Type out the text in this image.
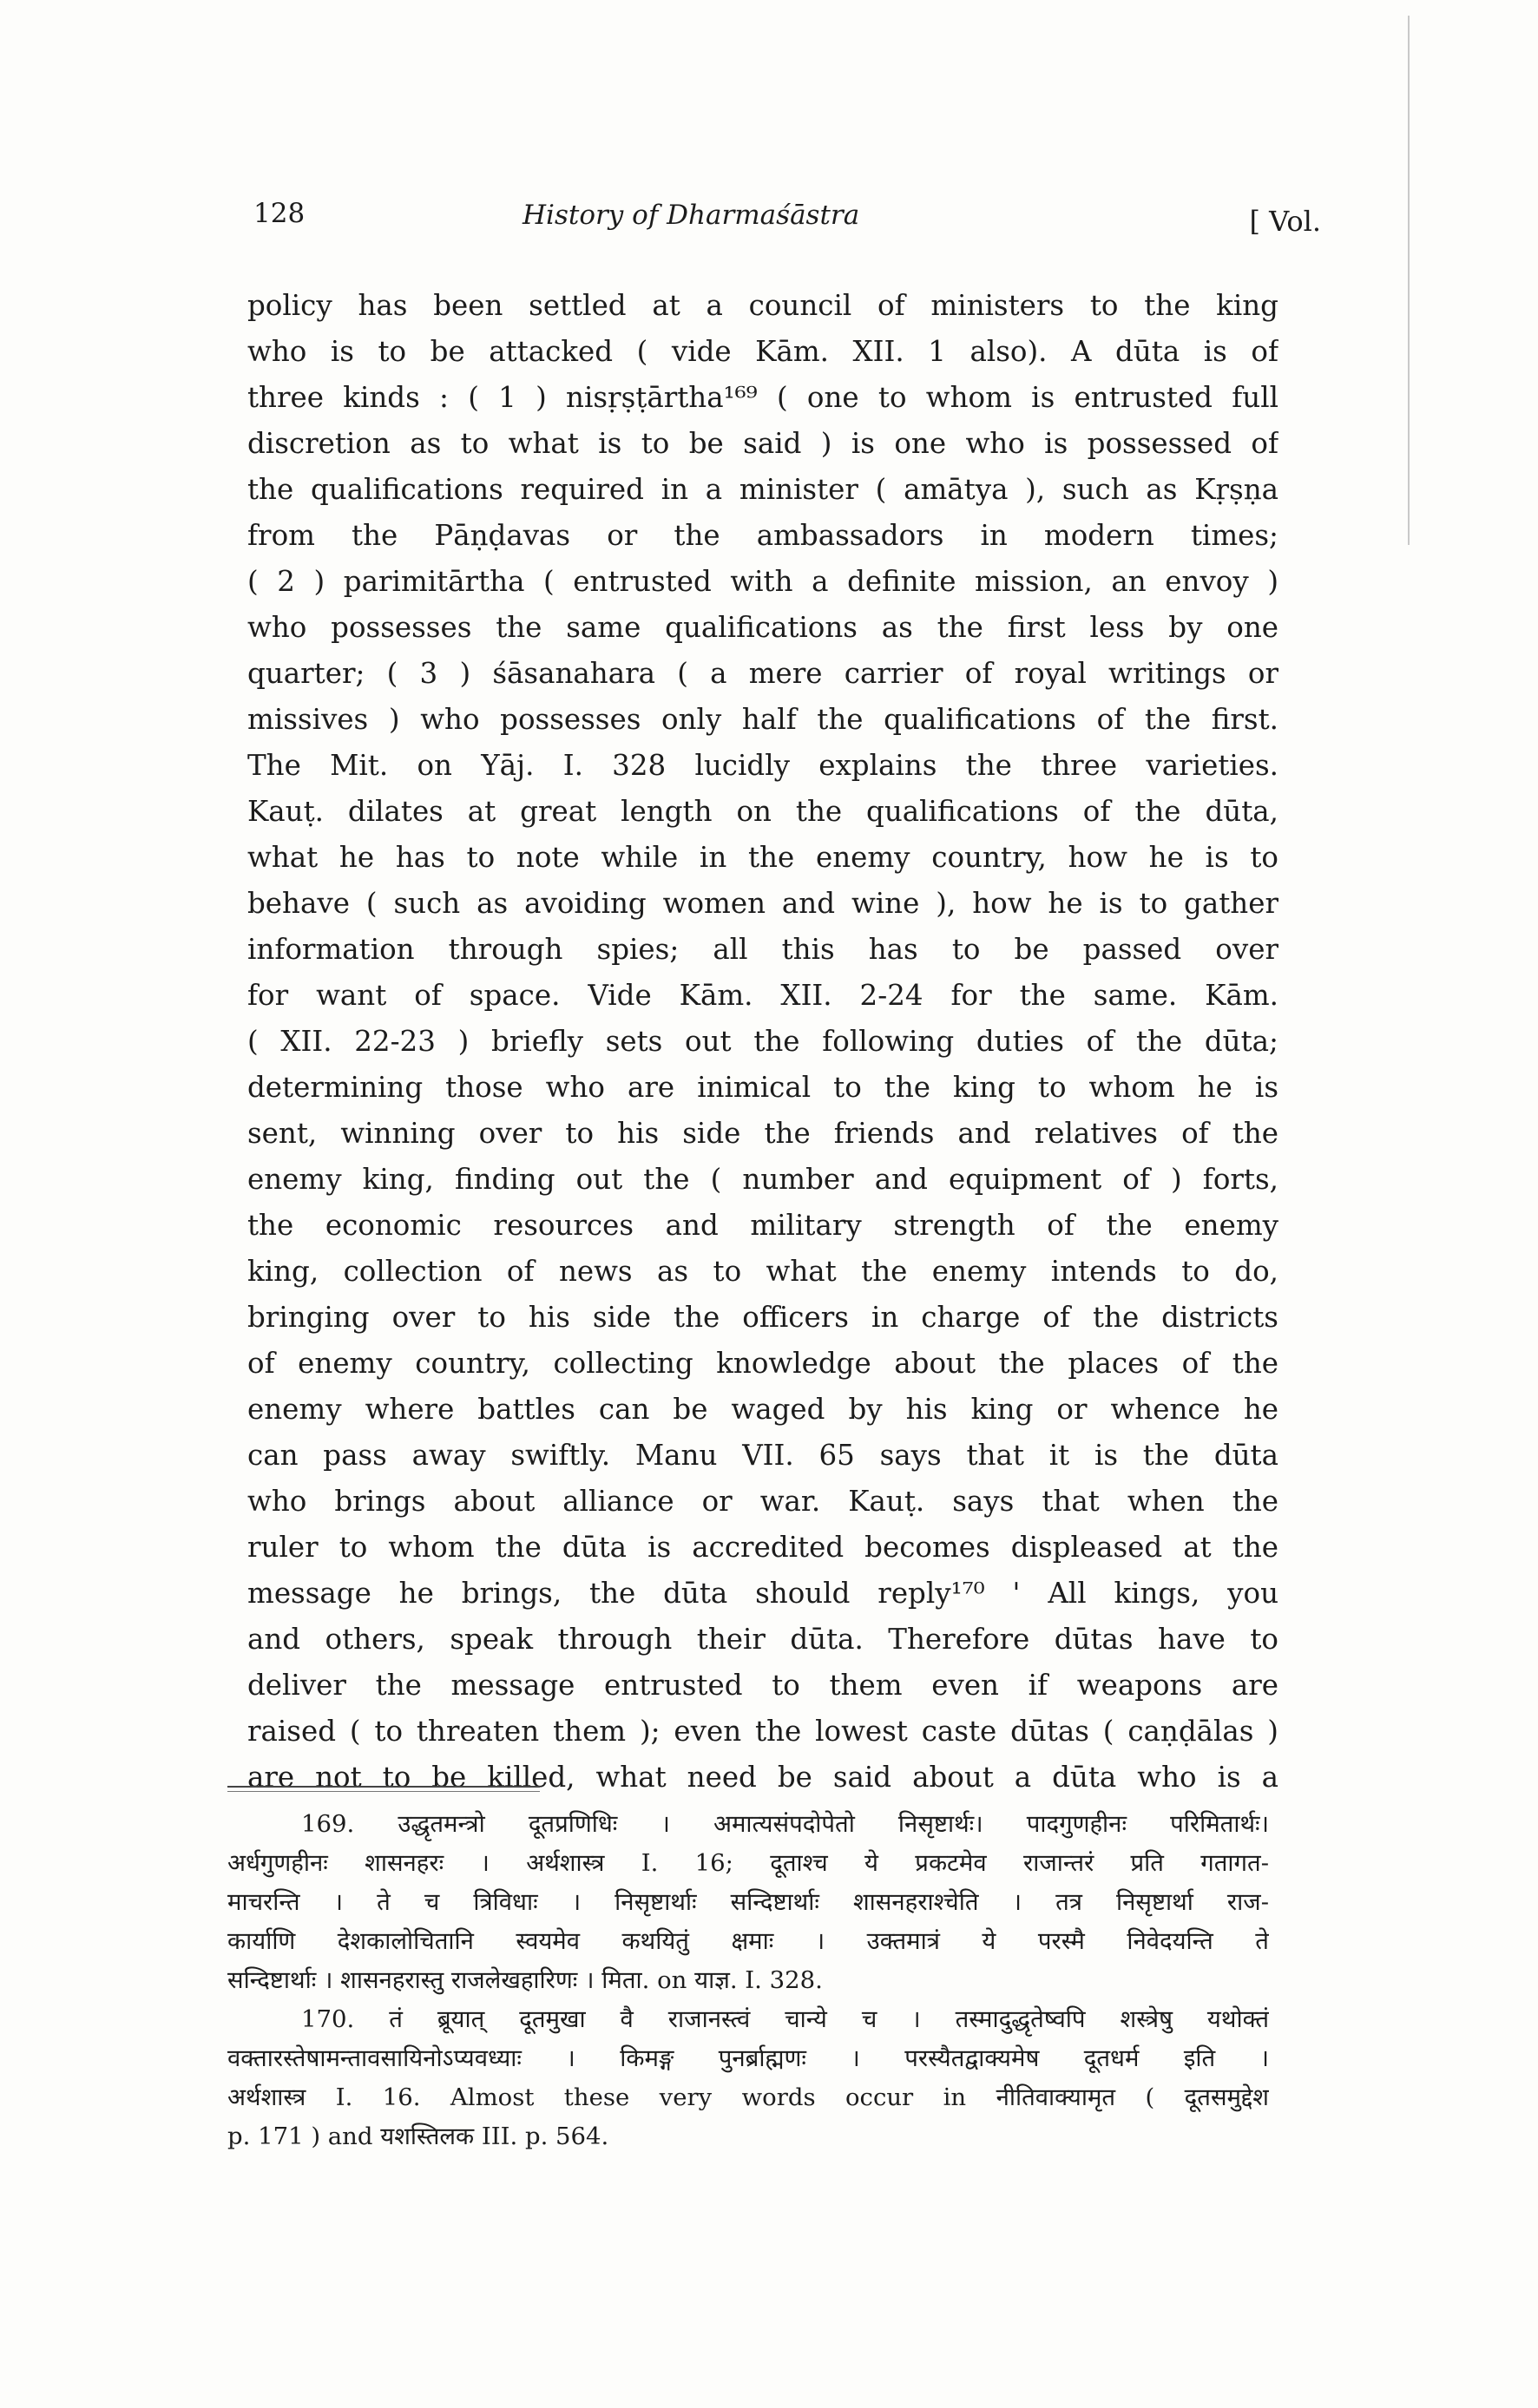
128	History of Dharmaśāstra	[ Vol.
policy has been settled at a council of ministers to the king
who is to be attacked ( vide Kām. XII. 1 also). A dūta is of
three kinds : ( 1 ) nisṛṣṭārtha¹⁶⁹ ( one to whom is entrusted full
discretion as to what is to be said ) is one who is possessed of
the qualifications required in a minister ( amātya ), such as Kṛṣṇa
from the Pāṇḍavas or the ambassadors in modern times;
( 2 ) parimitārtha ( entrusted with a definite mission, an envoy )
who possesses the same qualifications as the first less by one
quarter; ( 3 ) śāsanahara ( a mere carrier of royal writings or
missives ) who possesses only half the qualifications of the first.
The Mit. on Yāj. I. 328 lucidly explains the three varieties.
Kauṭ. dilates at great length on the qualifications of the dūta,
what he has to note while in the enemy country, how he is to
behave ( such as avoiding women and wine ), how he is to gather
information through spies; all this has to be passed over
for want of space. Vide Kām. XII. 2-24 for the same. Kām.
( XII. 22-23 ) briefly sets out the following duties of the dūta;
determining those who are inimical to the king to whom he is
sent, winning over to his side the friends and relatives of the
enemy king, finding out the ( number and equipment of ) forts,
the economic resources and military strength of the enemy
king, collection of news as to what the enemy intends to do,
bringing over to his side the officers in charge of the districts
of enemy country, collecting knowledge about the places of the
enemy where battles can be waged by his king or whence he
can pass away swiftly. Manu VII. 65 says that it is the dūta
who brings about alliance or war. Kauṭ. says that when the
ruler to whom the dūta is accredited becomes displeased at the
message he brings, the dūta should reply¹⁷⁰ ' All kings, you
and others, speak through their dūta. Therefore dūtas have to
deliver the message entrusted to them even if weapons are
raised ( to threaten them ); even the lowest caste dūtas ( caṇḍālas )
are not to be killed, what need be said about a dūta who is a
169. उद्धृतमन्त्रो दूतप्रणिधिः । अमात्यसंपदोपेतो निसृष्टार्थः। पादगुणहीनः परिमितार्थः।
अर्धगुणहीनः शासनहरः । अर्थशास्त्र I. 16; दूताश्च ये प्रकटमेव राजान्तरं प्रति गतागत-
माचरन्ति । ते च त्रिविधाः । निसृष्टार्थाः सन्दिष्टार्थाः शासनहराश्चेति । तत्र निसृष्टार्था राज-
कार्याणि देशकालोचितानि स्वयमेव कथयितुं क्षमाः । उक्तमात्रं ये परस्मै निवेदयन्ति ते
सन्दिष्टार्थाः । शासनहरास्तु राजलेखहारिणः । मिता. on याज्ञ. I. 328.
170. तं ब्रूयात् दूतमुखा वै राजानस्त्वं चान्ये च । तस्मादुद्धृतेष्वपि शस्त्रेषु यथोक्तं
वक्तारस्तेषामन्तावसायिनोऽप्यवध्याः । किमङ्ग पुनर्ब्राह्मणः । परस्यैतद्वाक्यमेष दूतधर्म इति ।
अर्थशास्त्र I. 16. Almost these very words occur in नीतिवाक्यामृत ( दूतसमुद्देश
p. 171 ) and यशस्तिलक III. p. 564.
